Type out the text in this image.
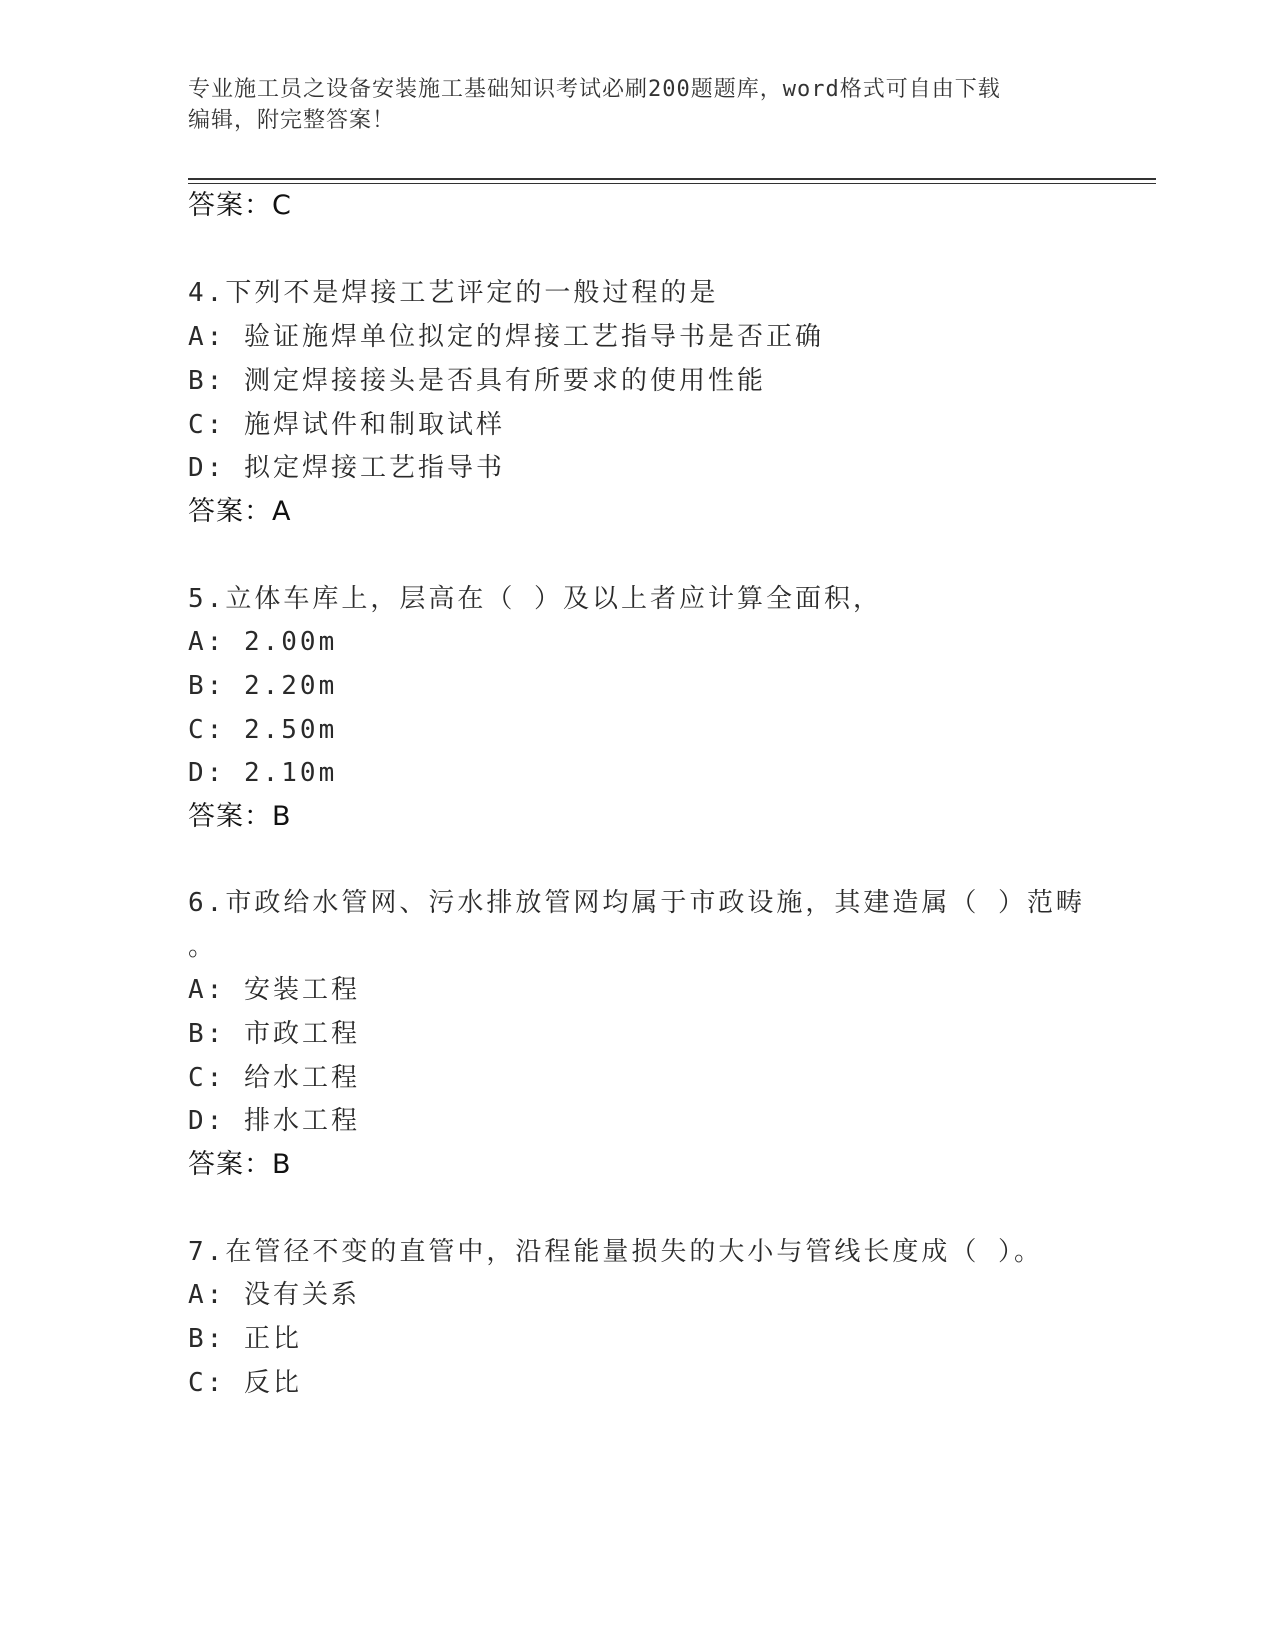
专业施工员之设备安装施工基础知识考试必刷200题题库，word格式可自由下载
编辑，附完整答案！
答案：C
4.下列不是焊接工艺评定的一般过程的是
A: 验证施焊单位拟定的焊接工艺指导书是否正确
B: 测定焊接接头是否具有所要求的使用性能
C: 施焊试件和制取试样
D: 拟定焊接工艺指导书
答案：A
5.立体车库上，层高在（ ）及以上者应计算全面积，
A: 2.00m
B: 2.20m
C: 2.50m
D: 2.10m
答案：B
6.市政给水管网、污水排放管网均属于市政设施，其建造属（ ）范畴
。
A: 安装工程
B: 市政工程
C: 给水工程
D: 排水工程
答案：B
7.在管径不变的直管中，沿程能量损失的大小与管线长度成（ ）。
A: 没有关系
B: 正比
C: 反比
